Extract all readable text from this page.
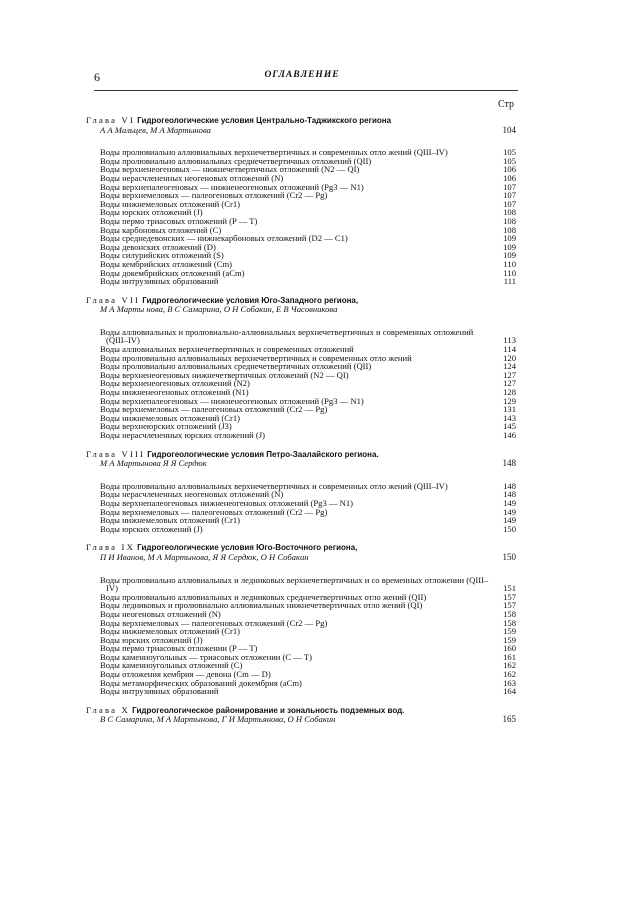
6	ОГЛАВЛЕНИЕ
Стр
Глава VI Гидрогеологические условия Центрально-Таджикского региона
А А Мальцев, М А Мартынова	104
Воды пролювиально аллювиальных верхнечетвертичных и современных отло жений (QIII–IV)	105
Воды пролювиально аллювиальных среднечетвертичных отложений (QII)	105
Воды верхненеогеновых — нижнечетвертичных отложений (N2 — QI)	106
Воды нерасчлененных неогеновых отложений (N)	106
Воды верхнепалеогеновых — нижненеогеновых отложений (Pg3 — N1)	107
Воды верхнемеловых — палеогеновых отложений (Cr2 — Pg)	107
Воды нижнемеловых отложений (Cr1)	107
Воды юрских отложений (J)	108
Воды пермо триасовых отложений (P — T)	108
Воды карбоновых отложений (С)	108
Воды среднедевонских — нижнекарбоновых отложений (D2 — C1)	109
Воды девонских отложений (D)	109
Воды силурийских отложений (S)	109
Воды кембрийских отложений (Cm)	110
Воды докембрийских отложений (aCm)	110
Воды интрузивных образований	111
Глава VII Гидрогеологические условия Юго-Западного региона,
М А Марты нова, В С Самарина, О Н Собакин, Е В Чаcовникова
Воды аллювиальных и пролювиально-аллювиальных верхнечетвертичных и современных отложений (QIII–IV)	113
Воды аллювиальных верхнечетвертичных и современных отложений	114
Воды пролювиально аллювиальных верхнечетвертичных и современных отло жений	120
Воды пролювиально аллювиальных среднечетвертичных отложений (QII)	124
Воды верхненеогеновых нижнечетвертичных отложений (N2 — QI)	127
Воды верхненеогеновых отложений (N2)	127
Воды нижненеогеновых отложений (N1)	128
Воды верхнепалеогеновых — нижненеогеновых отложений (Pg3 — N1)	129
Воды верхнемеловых — палеогеновых отложений (Cr2 — Pg)	131
Воды нижнемеловых отложений (Cr1)	143
Воды верхнеюрских отложений (J3)	145
Воды нерасчлененных юрских отложений (J)	146
Глава VIII Гидрогеологические условия Петро-Заалайского региона.
М А Мартынова Я Я Сердюк	148
Воды пролювиально аллювиальных верхнечетвертичных и современных отло жений (QIII–IV)	148
Воды нерасчлененных неогеновых отложений (N)	148
Воды верхнепалеогеновых нижненеогеновых отложений (Pg3 — N1)	149
Воды верхнемеловых — палеогеновых отложений (Cr2 — Pg)	149
Воды нижнемеловых отложений (Cr1)	149
Воды юрских отложений (J)	150
Глава IX Гидрогеологические условия Юго-Восточного региона,
П И Иванов, М А Мартынова, Я Я Сердюк, О Н Собакин	150
Воды пролювиально аллювиальных и ледниковых верхнечетвертичных и со временных отложении (QIII–IV)	151
Воды пролювиально аллювиальных и ледниковых среднечетвертичных отло жений (QII)	157
Воды ледниковых и пролювиально аллювиальных нижнечетвертичных отло жений (QI)	157
Воды неогеновых отложений (N)	158
Воды верхнемеловых — палеогеновых отложений (Cr2 — Pg)	158
Воды нижнемеловых отложений (Cr1)	159
Воды юрских отложений (J)	159
Воды пермо триасовых отложении (P — T)	160
Воды каменноугольных — триасовых отложении (C — T)	161
Воды каменноугольных отложений (С)	162
Воды отложения кембрия — девона (Cm — D)	162
Воды метаморфических образований докембрия (aCm)	163
Воды интрузивных образований	164
Глава X Гидрогеологическое районирование и зональность подземных вод.
В С Самарина, М А Мартынова, Г И Мартьянова, О Н Собакин	165
